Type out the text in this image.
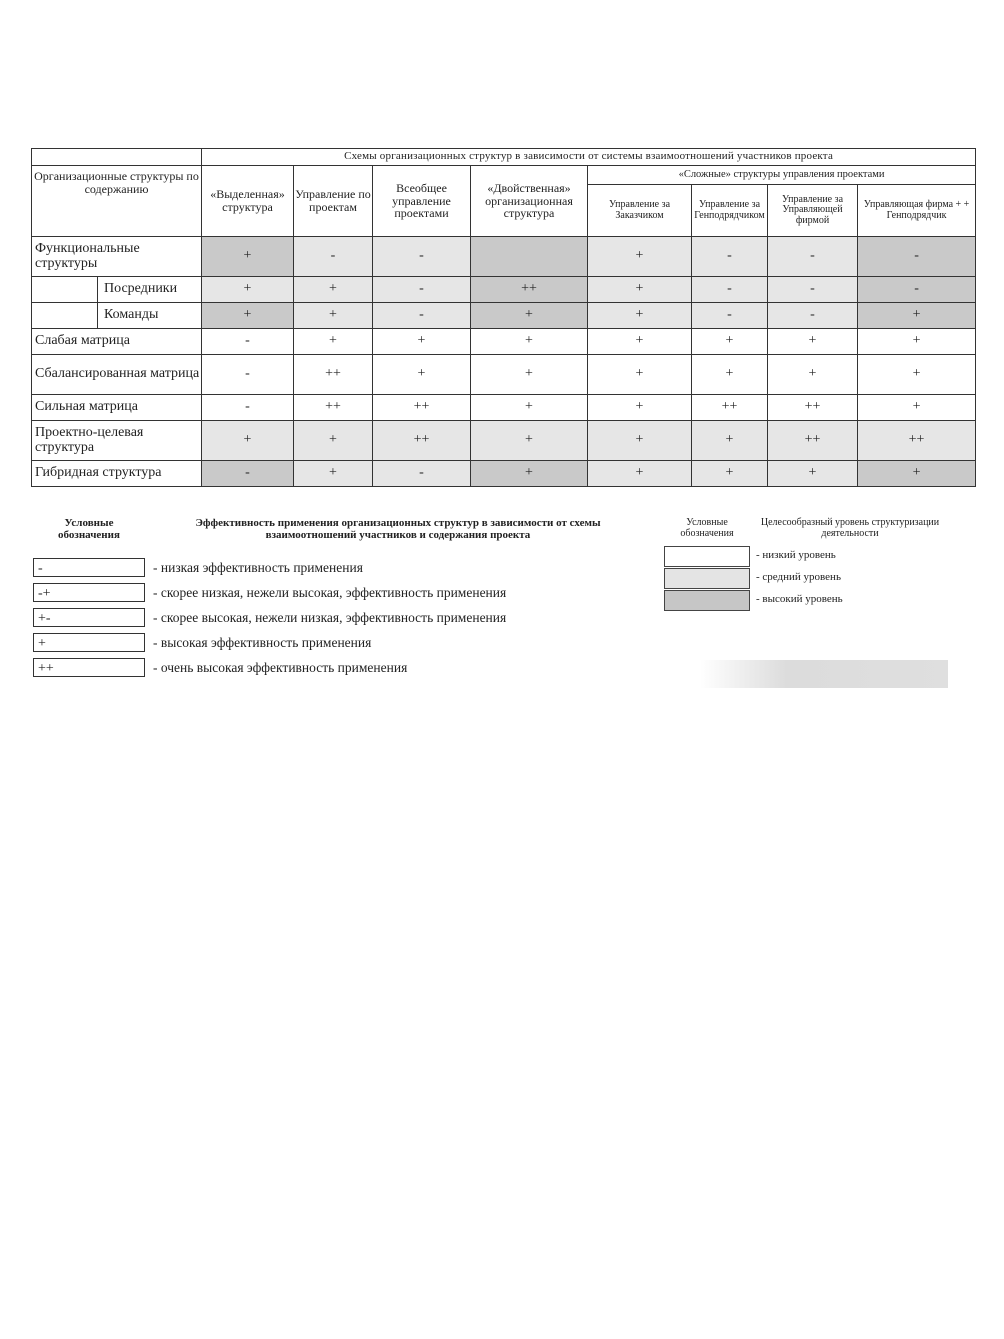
		Схемы организационных структур в зависимости от системы взаимоотношений участников проекта							
Организационные структуры по содержанию		«Выделенная» структура	Управление по проектам	Всеобщее управление проектами	«Двойственная» организационная структура	«Сложные» структуры управления проектами			
						Управление за Заказчиком	Управление за Генподрядчиком	Управление за Управляющей фирмой	Управляющая фирма + + Генподрядчик
Функциональные структуры		+	-	-		+	-	-	-
	Посредники	+	+	-	++	+	-	-	-
	Команды	+	+	-	+	+	-	-	+
Слабая матрица		-	+	+	+	+	+	+	+
Сбалансированная матрица		-	++	+	+	+	+	+	+
Сильная матрица		-	++	++	+	+	++	++	+
Проектно-целевая структура		+	+	++	+	+	+	++	++
Гибридная структура		-	+	-	+	+	+	+	+
Условные обозначения
Эффективность применения организационных структур в зависимости от схемы взаимоотношений участников и содержания проекта
-	- низкая эффективность применения
-+	- скорее низкая, нежели высокая, эффективность применения
+-	- скорее высокая, нежели низкая, эффективность применения
+	- высокая эффективность применения
++	- очень высокая эффективность применения
Условные обозначения
Целесообразный уровень структуризации деятельности
- низкий уровень
- средний уровень
- высокий уровень
